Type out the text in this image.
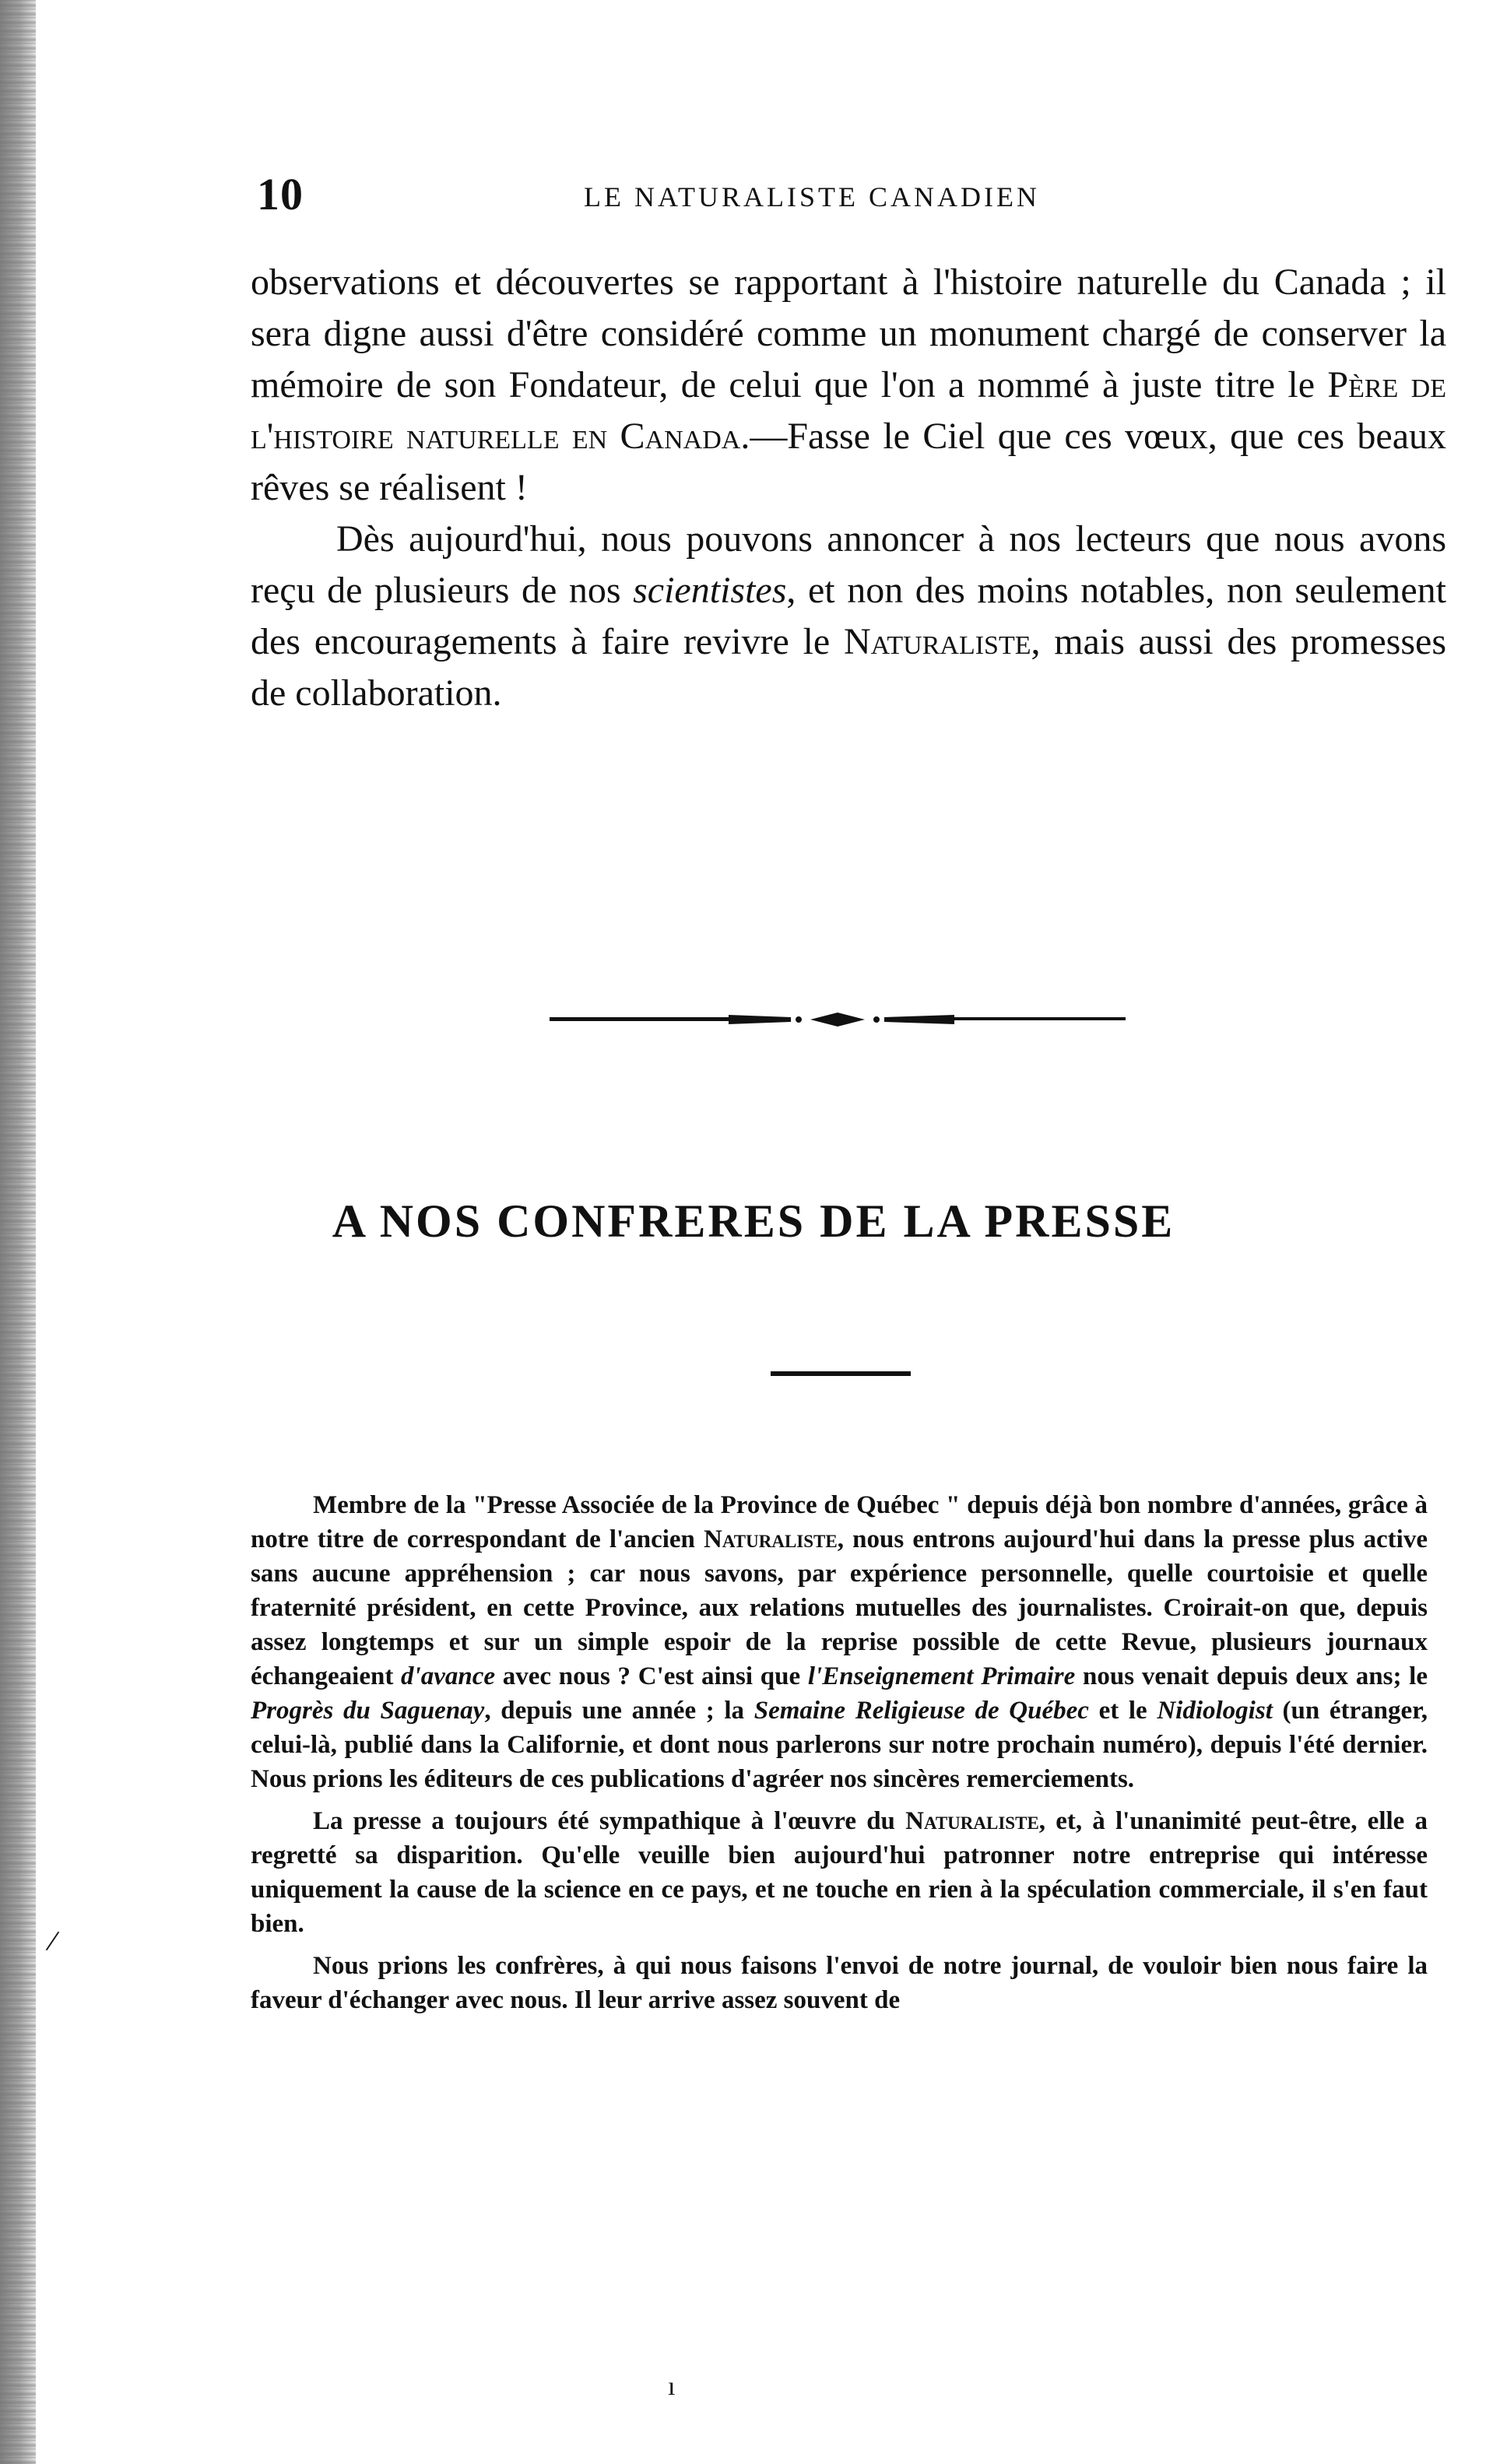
10	LE NATURALISTE CANADIEN

observations et découvertes se rapportant à l'histoire naturelle du Canada ; il sera digne aussi d'être considéré comme un monument chargé de conserver la mémoire de son Fondateur, de celui que l'on a nommé à juste titre le Père de l'histoire naturelle en Canada.—Fasse le Ciel que ces vœux, que ces beaux rêves se réalisent !

Dès aujourd'hui, nous pouvons annoncer à nos lecteurs que nous avons reçu de plusieurs de nos scientistes, et non des moins notables, non seulement des encouragements à faire revivre le Naturaliste, mais aussi des promesses de collaboration.

A NOS CONFRERES DE LA PRESSE

Membre de la "Presse Associée de la Province de Québec " depuis déjà bon nombre d'années, grâce à notre titre de correspondant de l'ancien Naturaliste, nous entrons aujourd'hui dans la presse plus active sans aucune appréhension ; car nous savons, par expérience personnelle, quelle courtoisie et quelle fraternité président, en cette Province, aux relations mutuelles des journalistes. Croirait-on que, depuis assez longtemps et sur un simple espoir de la reprise possible de cette Revue, plusieurs journaux échangeaient d'avance avec nous ? C'est ainsi que l'Enseignement Primaire nous venait depuis deux ans; le Progrès du Saguenay, depuis une année ; la Semaine Religieuse de Québec et le Nidiologist (un étranger, celui-là, publié dans la Californie, et dont nous parlerons sur notre prochain numéro), depuis l'été dernier. Nous prions les éditeurs de ces publications d'agréer nos sincères remerciements.

La presse a toujours été sympathique à l'œuvre du Naturaliste, et, à l'unanimité peut-être, elle a regretté sa disparition. Qu'elle veuille bien aujourd'hui patronner notre entreprise qui intéresse uniquement la cause de la science en ce pays, et ne touche en rien à la spéculation commerciale, il s'en faut bien.

Nous prions les confrères, à qui nous faisons l'envoi de notre journal, de vouloir bien nous faire la faveur d'échanger avec nous. Il leur arrive assez souvent de

/
ı
